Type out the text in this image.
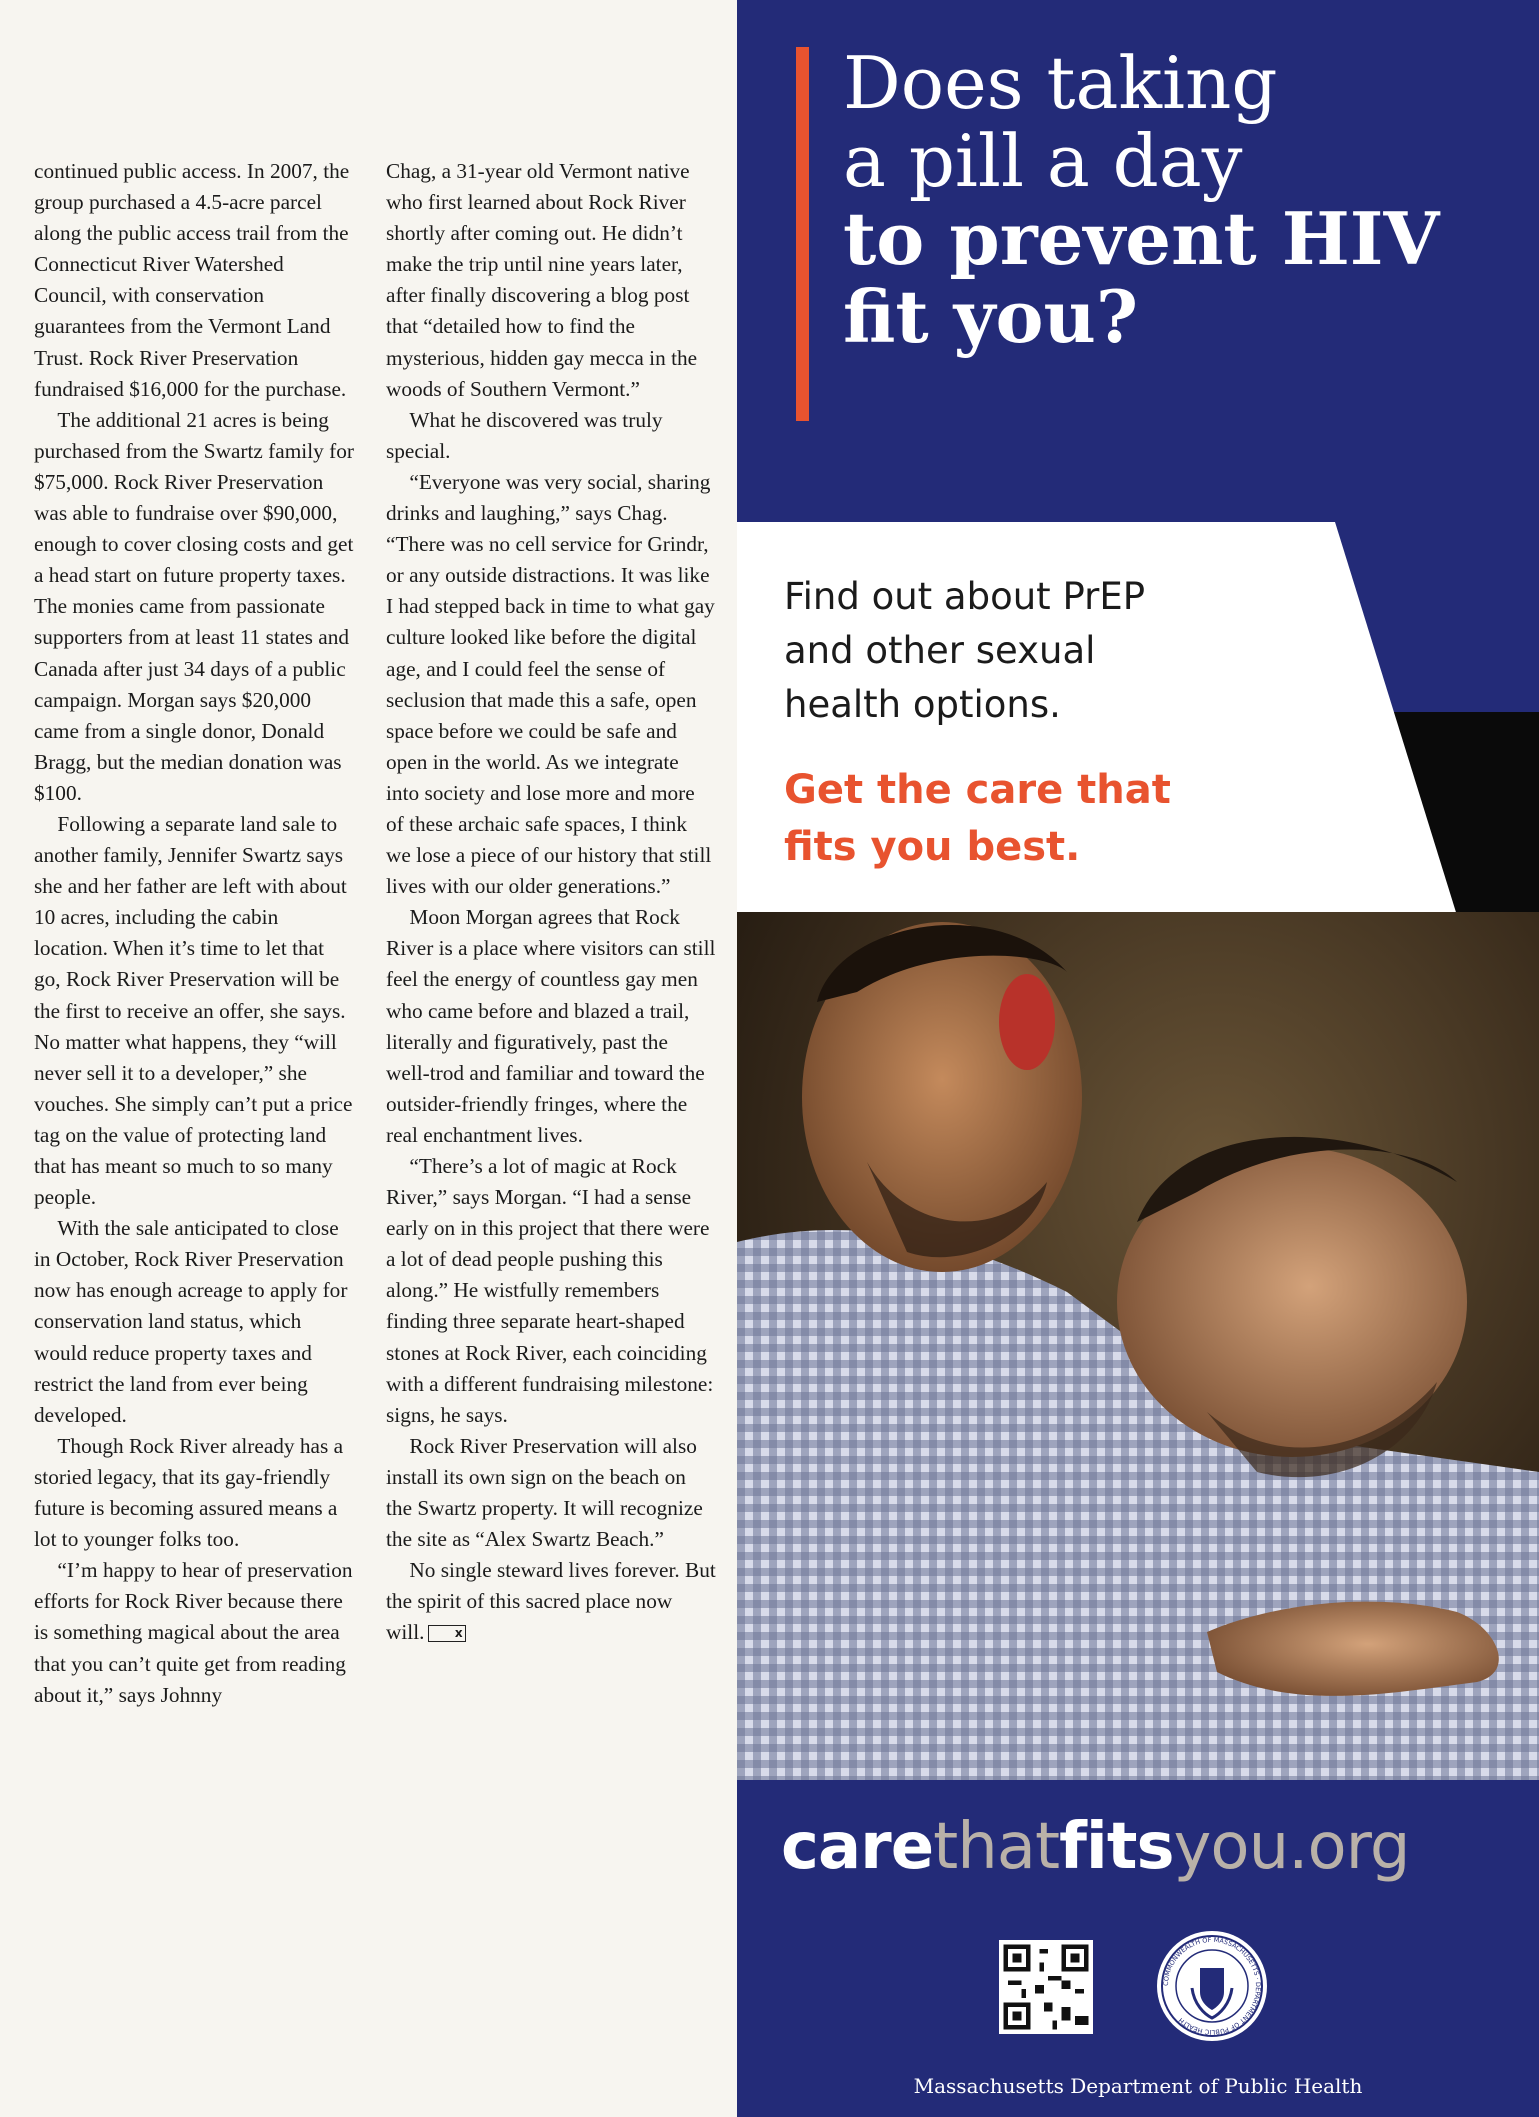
continued public access. In 2007, the group purchased a 4.5-acre parcel along the public access trail from the Connecticut River Watershed Council, with conservation guarantees from the Vermont Land Trust. Rock River Preservation fundraised $16,000 for the purchase.

The additional 21 acres is being purchased from the Swartz family for $75,000. Rock River Preservation was able to fundraise over $90,000, enough to cover closing costs and get a head start on future property taxes. The monies came from passionate supporters from at least 11 states and Canada after just 34 days of a public campaign. Morgan says $20,000 came from a single donor, Donald Bragg, but the median donation was $100.

Following a separate land sale to another family, Jennifer Swartz says she and her father are left with about 10 acres, including the cabin location. When it’s time to let that go, Rock River Preservation will be the first to receive an offer, she says. No matter what happens, they “will never sell it to a developer,” she vouches. She simply can’t put a price tag on the value of protecting land that has meant so much to so many people.

With the sale anticipated to close in October, Rock River Preservation now has enough acreage to apply for conservation land status, which would reduce property taxes and restrict the land from ever being developed.

Though Rock River already has a storied legacy, that its gay-friendly future is becoming assured means a lot to younger folks too.

“I’m happy to hear of preservation efforts for Rock River because there is something magical about the area that you can’t quite get from reading about it,” says Johnny

Chag, a 31-year old Vermont native who first learned about Rock River shortly after coming out. He didn’t make the trip until nine years later, after finally discovering a blog post that “detailed how to find the mysterious, hidden gay mecca in the woods of Southern Vermont.”

What he discovered was truly special.

“Everyone was very social, sharing drinks and laughing,” says Chag. “There was no cell service for Grindr, or any outside distractions. It was like I had stepped back in time to what gay culture looked like before the digital age, and I could feel the sense of seclusion that made this a safe, open space before we could be safe and open in the world. As we integrate into society and lose more and more of these archaic safe spaces, I think we lose a piece of our history that still lives with our older generations.”

Moon Morgan agrees that Rock River is a place where visitors can still feel the energy of countless gay men who came before and blazed a trail, literally and figuratively, past the well-trod and familiar and toward the outsider-friendly fringes, where the real enchantment lives.

“There’s a lot of magic at Rock River,” says Morgan. “I had a sense early on in this project that there were a lot of dead people pushing this along.” He wistfully remembers finding three separate heart-shaped stones at Rock River, each coinciding with a different fundraising milestone: signs, he says.

Rock River Preservation will also install its own sign on the beach on the Swartz property. It will recognize the site as “Alex Swartz Beach.”

No single steward lives forever. But the spirit of this sacred place now will.	x

Does taking
a pill a day
to prevent HIV
fit you?
Find out about PrEP
and other sexual
health options.
Get the care that
fits you best.
carethatfitsyou.org
COMMONWEALTH OF MASSACHUSETTS · DEPARTMENT OF PUBLIC HEALTH
Massachusetts Department of Public Health
